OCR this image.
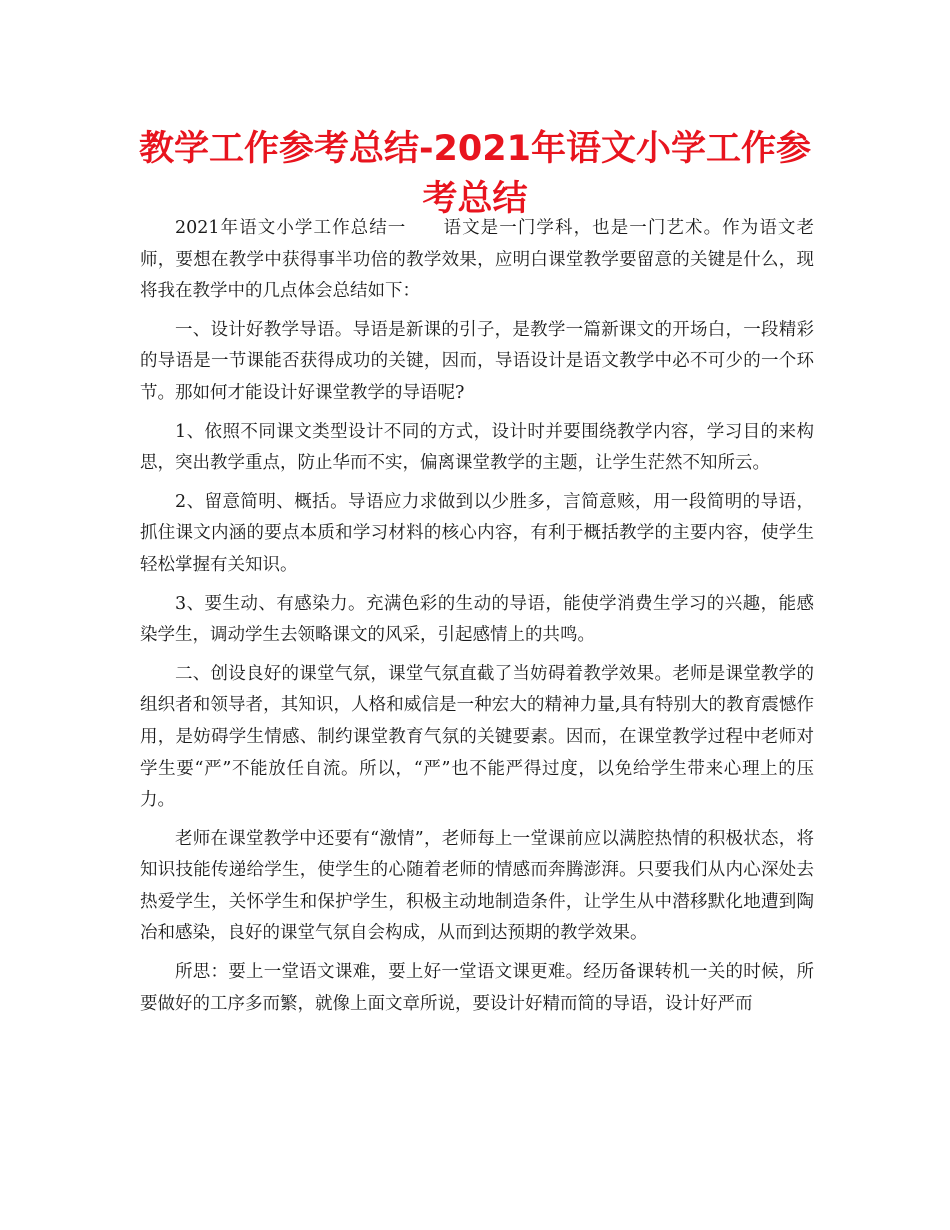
教学工作参考总结-2021年语文小学工作参考总结

2021年语文小学工作总结一　　语文是一门学科，也是一门艺术。作为语文老师，要想在教学中获得事半功倍的教学效果，应明白课堂教学要留意的关键是什么，现将我在教学中的几点体会总结如下：

一、设计好教学导语。导语是新课的引子，是教学一篇新课文的开场白，一段精彩的导语是一节课能否获得成功的关键，因而，导语设计是语文教学中必不可少的一个环节。那如何才能设计好课堂教学的导语呢?

1、依照不同课文类型设计不同的方式，设计时并要围绕教学内容，学习目的来构思，突出教学重点，防止华而不实，偏离课堂教学的主题，让学生茫然不知所云。

2、留意简明、概括。导语应力求做到以少胜多，言简意赅，用一段简明的导语，抓住课文内涵的要点本质和学习材料的核心内容，有利于概括教学的主要内容，使学生轻松掌握有关知识。

3、要生动、有感染力。充满色彩的生动的导语，能使学消费生学习的兴趣，能感染学生，调动学生去领略课文的风采，引起感情上的共鸣。

二、创设良好的课堂气氛，课堂气氛直截了当妨碍着教学效果。老师是课堂教学的组织者和领导者，其知识，人格和威信是一种宏大的精神力量,具有特别大的教育震憾作用，是妨碍学生情感、制约课堂教育气氛的关键要素。因而，在课堂教学过程中老师对学生要“严”不能放任自流。所以，“严”也不能严得过度，以免给学生带来心理上的压力。

老师在课堂教学中还要有“激情”，老师每上一堂课前应以满腔热情的积极状态，将知识技能传递给学生，使学生的心随着老师的情感而奔腾澎湃。只要我们从内心深处去热爱学生，关怀学生和保护学生，积极主动地制造条件，让学生从中潜移默化地遭到陶冶和感染，良好的课堂气氛自会构成，从而到达预期的教学效果。

所思：要上一堂语文课难，要上好一堂语文课更难。经历备课转机一关的时候，所要做好的工序多而繁，就像上面文章所说，要设计好精而简的导语，设计好严而
